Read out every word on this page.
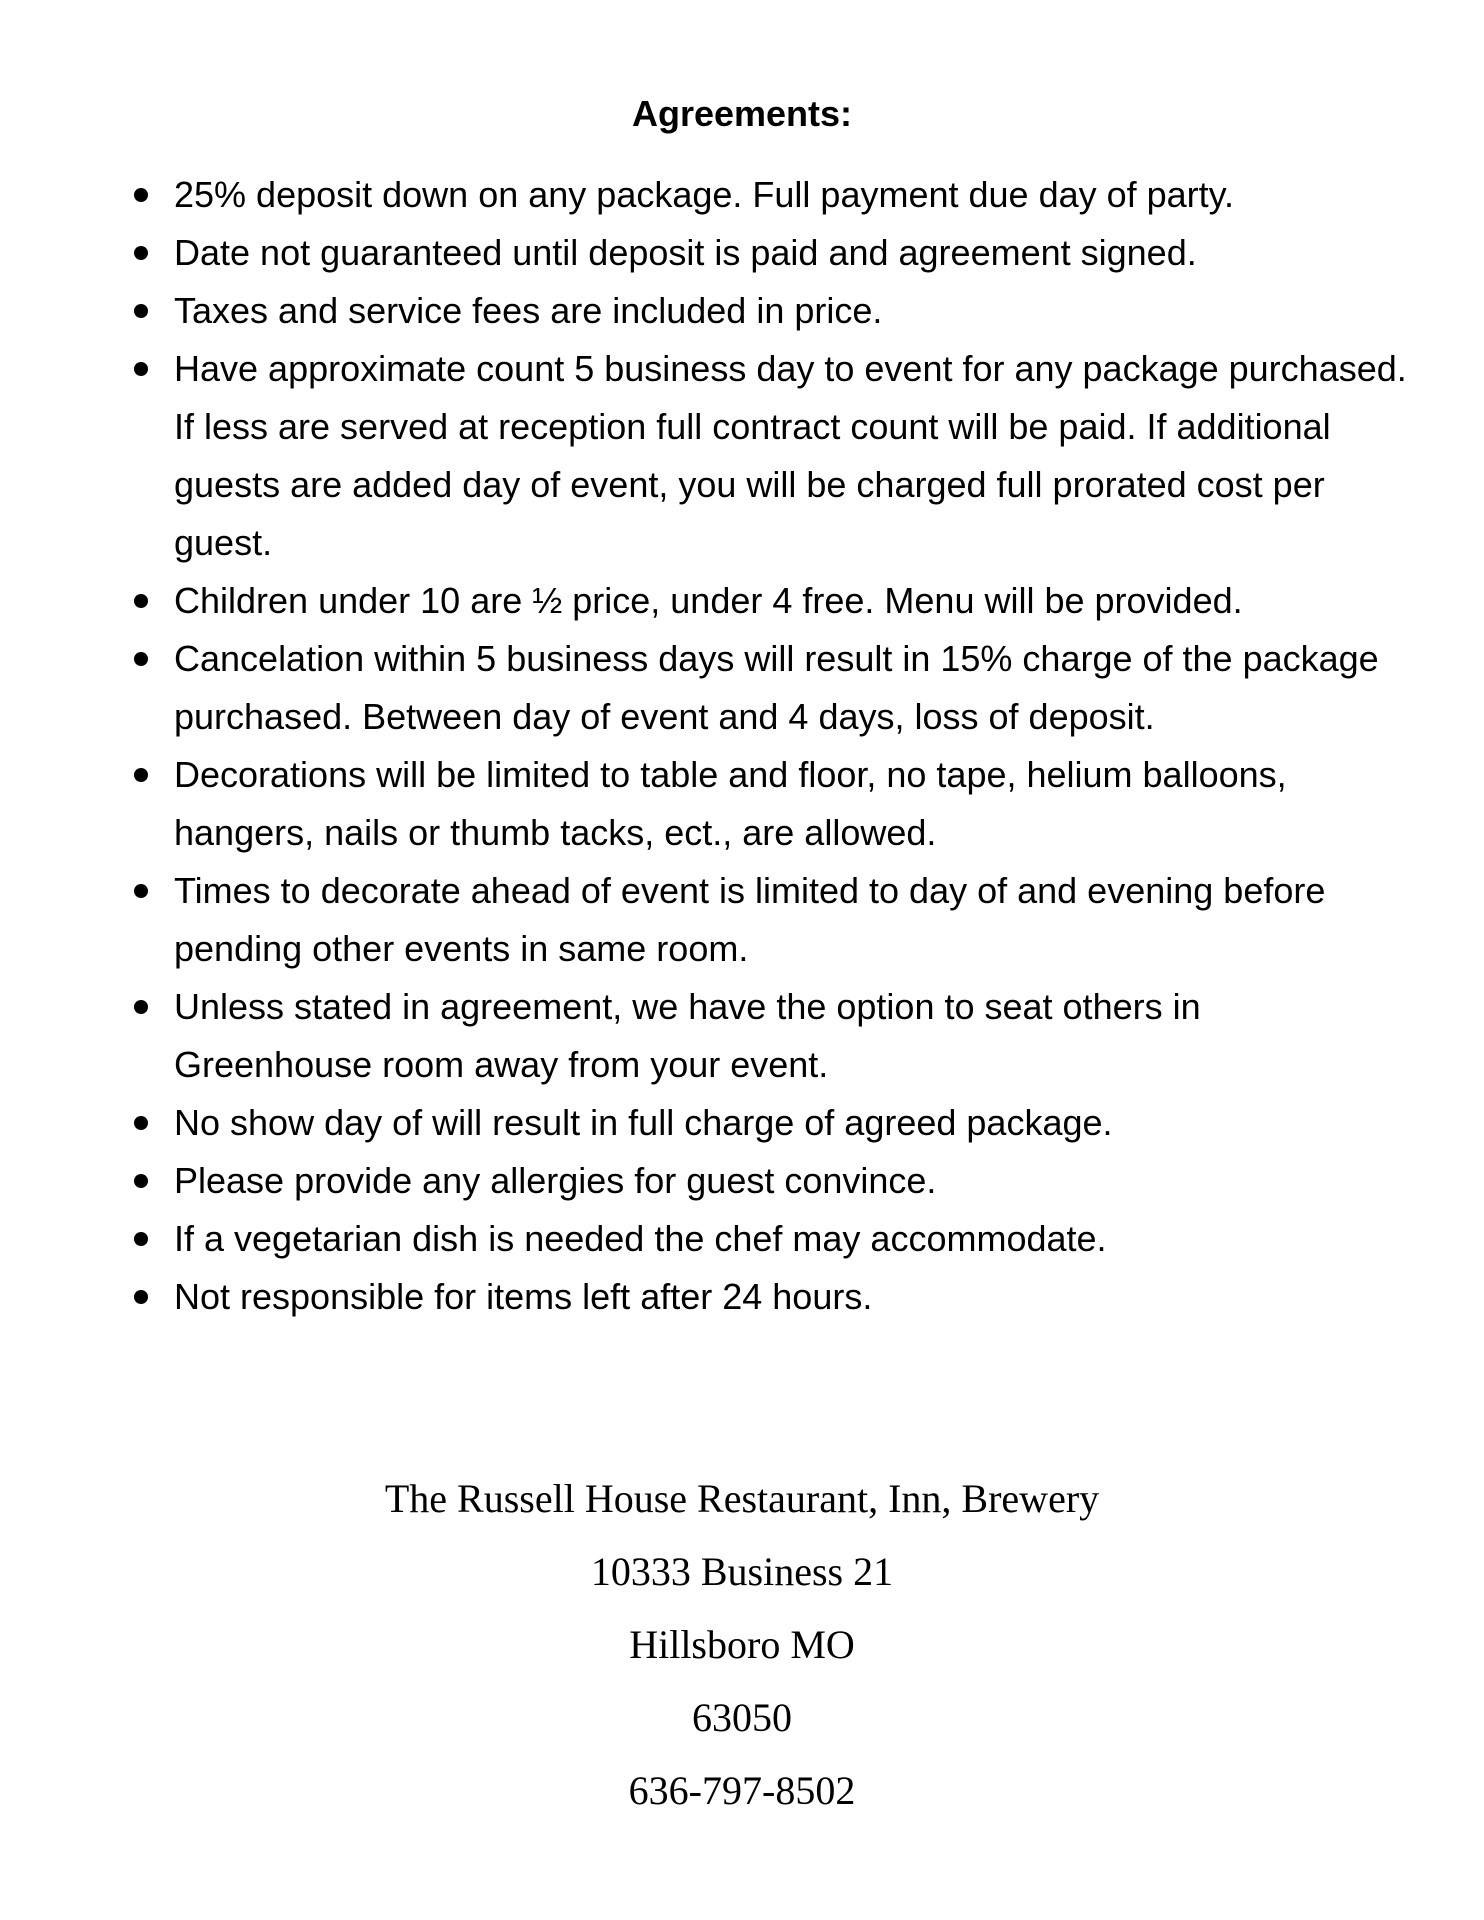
Agreements:
25% deposit down on any package. Full payment due day of party.
Date not guaranteed until deposit is paid and agreement signed.
Taxes and service fees are included in price.
Have approximate count 5 business day to event for any package purchased. If less are served at reception full contract count will be paid. If additional guests are added day of event, you will be charged full prorated cost per guest.
Children under 10 are ½ price, under 4 free. Menu will be provided.
Cancelation within 5 business days will result in 15% charge of the package purchased. Between day of event and 4 days, loss of deposit.
Decorations will be limited to table and floor, no tape, helium balloons, hangers, nails or thumb tacks, ect., are allowed.
Times to decorate ahead of event is limited to day of and evening before pending other events in same room.
Unless stated in agreement, we have the option to seat others in Greenhouse room away from your event.
No show day of will result in full charge of agreed package.
Please provide any allergies for guest convince.
If a vegetarian dish is needed the chef may accommodate.
Not responsible for items left after 24 hours.
The Russell House Restaurant, Inn, Brewery
10333 Business 21
Hillsboro MO
63050
636-797-8502
